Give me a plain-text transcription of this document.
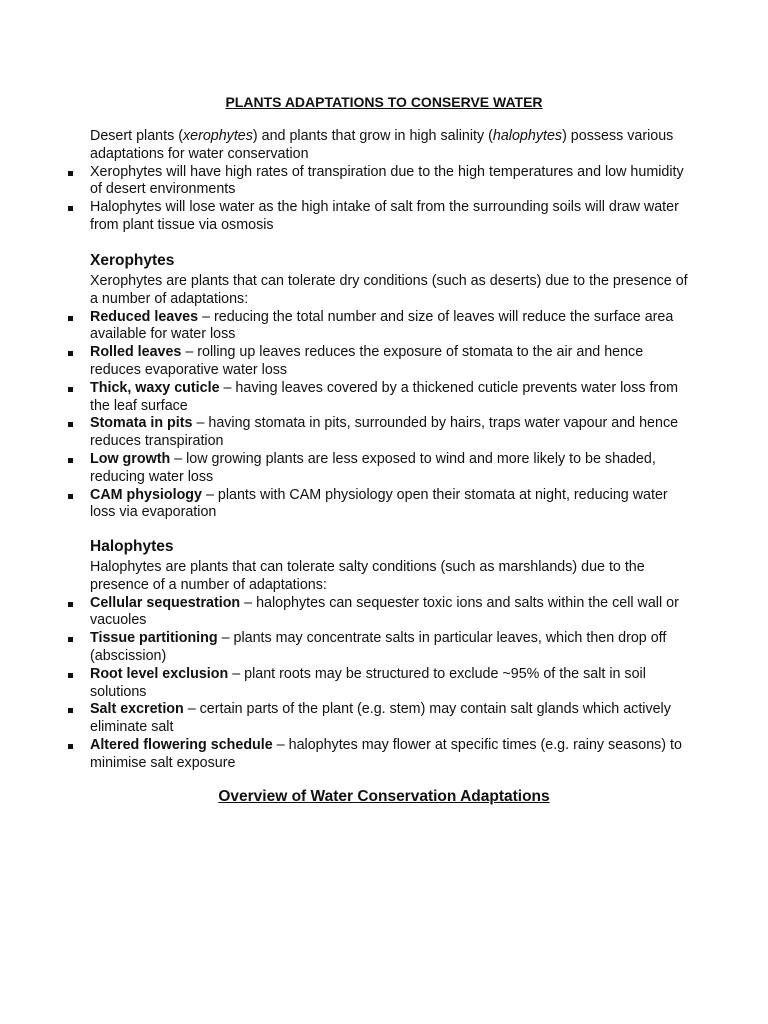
PLANTS ADAPTATIONS TO CONSERVE WATER

Desert plants (xerophytes) and plants that grow in high salinity (halophytes) possess various adaptations for water conservation

Xerophytes will have high rates of transpiration due to the high temperatures and low humidity of desert environments
Halophytes will lose water as the high intake of salt from the surrounding soils will draw water from plant tissue via osmosis
Xerophytes

Xerophytes are plants that can tolerate dry conditions (such as deserts) due to the presence of a number of adaptations:

Reduced leaves – reducing the total number and size of leaves will reduce the surface area available for water loss
Rolled leaves – rolling up leaves reduces the exposure of stomata to the air and hence reduces evaporative water loss
Thick, waxy cuticle – having leaves covered by a thickened cuticle prevents water loss from the leaf surface
Stomata in pits – having stomata in pits, surrounded by hairs, traps water vapour and hence reduces transpiration
Low growth – low growing plants are less exposed to wind and more likely to be shaded, reducing water loss
CAM physiology – plants with CAM physiology open their stomata at night, reducing water loss via evaporation
Halophytes

Halophytes are plants that can tolerate salty conditions (such as marshlands) due to the presence of a number of adaptations:

Cellular sequestration – halophytes can sequester toxic ions and salts within the cell wall or vacuoles
Tissue partitioning – plants may concentrate salts in particular leaves, which then drop off (abscission)
Root level exclusion – plant roots may be structured to exclude ~95% of the salt in soil solutions
Salt excretion – certain parts of the plant (e.g. stem) may contain salt glands which actively eliminate salt
Altered flowering schedule – halophytes may flower at specific times (e.g. rainy seasons) to minimise salt exposure
Overview of Water Conservation Adaptations
